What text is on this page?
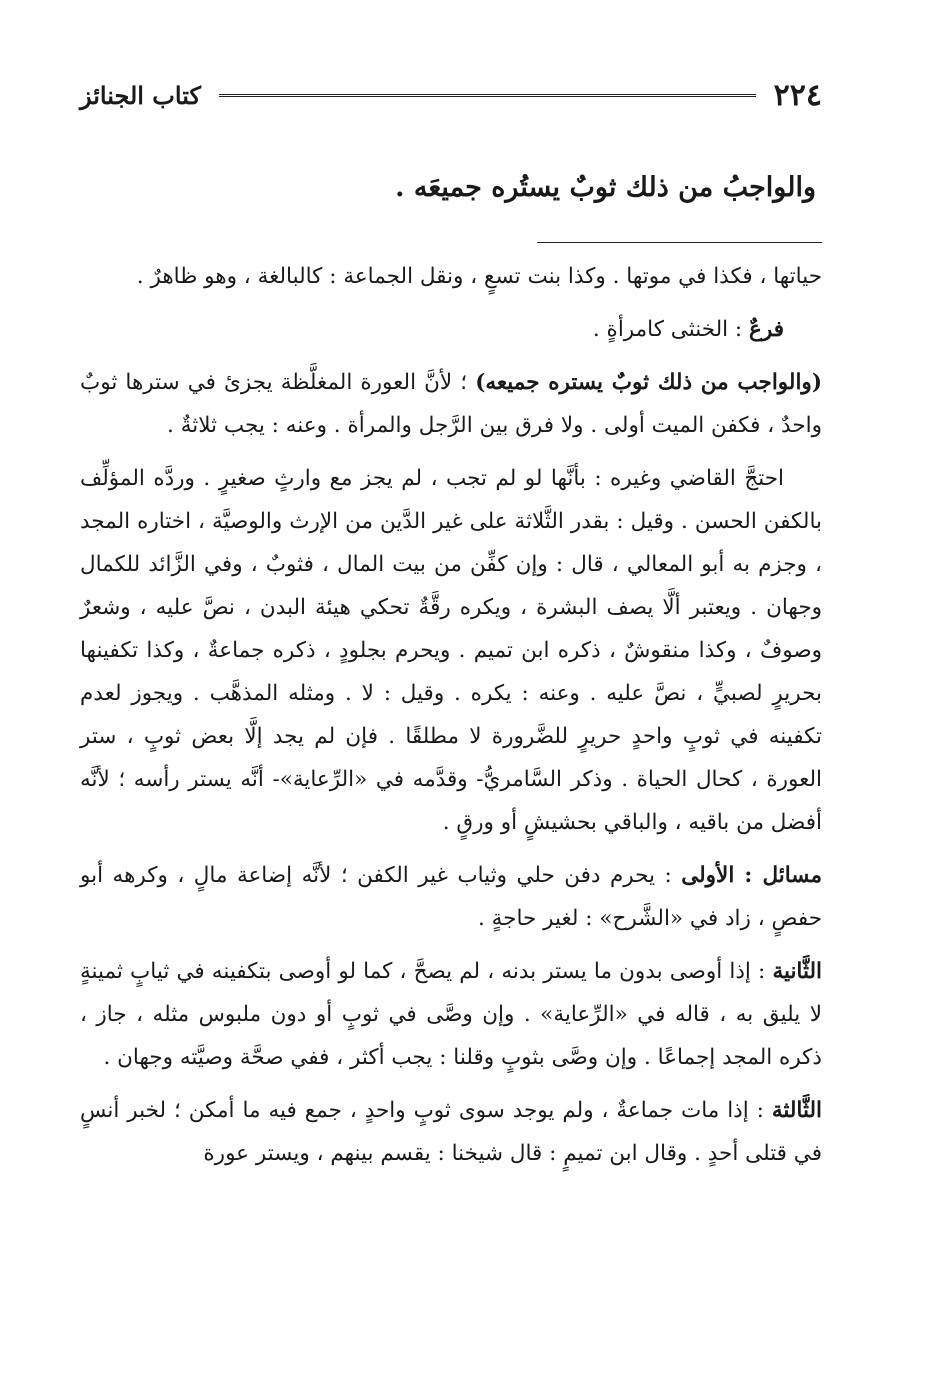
٢٢٤
كتاب الجنائز
والواجبُ من ذلك ثوبٌ يستُره جميعَه .

حياتها ، فكذا في موتها . وكذا بنت تسعٍ ، ونقل الجماعة : كالبالغة ، وهو ظاهرٌ .

فرعٌ : الخنثى كامرأةٍ .

(والواجب من ذلك ثوبٌ يستره جميعه) ؛ لأنَّ العورة المغلَّظة يجزئ في سترها ثوبٌ واحدٌ ، فكفن الميت أولى . ولا فرق بين الرَّجل والمرأة . وعنه : يجب ثلاثةٌ .

احتجَّ القاضي وغيره : بأنَّها لو لم تجب ، لم يجز مع وارثٍ صغيرٍ . وردَّه المؤلِّف بالكفن الحسن . وقيل : بقدر الثَّلاثة على غير الدَّين من الإرث والوصيَّة ، اختاره المجد ، وجزم به أبو المعالي ، قال : وإن كفِّن من بيت المال ، فثوبٌ ، وفي الزَّائد للكمال وجهان . ويعتبر ألَّا يصف البشرة ، ويكره رقَّةٌ تحكي هيئة البدن ، نصَّ عليه ، وشعرٌ وصوفٌ ، وكذا منقوشٌ ، ذكره ابن تميم . ويحرم بجلودٍ ، ذكره جماعةٌ ، وكذا تكفينها بحريرٍ لصبيٍّ ، نصَّ عليه . وعنه : يكره . وقيل : لا . ومثله المذهَّب . ويجوز لعدم تكفينه في ثوبٍ واحدٍ حريرٍ للضَّرورة لا مطلقًا . فإن لم يجد إلَّا بعض ثوبٍ ، ستر العورة ، كحال الحياة . وذكر السَّامريُّ- وقدَّمه في «الرِّعاية»- أنَّه يستر رأسه ؛ لأنَّه أفضل من باقيه ، والباقي بحشيشٍ أو ورقٍ .

مسائل : الأولى : يحرم دفن حلي وثياب غير الكفن ؛ لأنَّه إضاعة مالٍ ، وكرهه أبو حفصٍ ، زاد في «الشَّرح» : لغير حاجةٍ .

الثَّانية : إذا أوصى بدون ما يستر بدنه ، لم يصحَّ ، كما لو أوصى بتكفينه في ثيابٍ ثمينةٍ لا يليق به ، قاله في «الرِّعاية» . وإن وصَّى في ثوبٍ أو دون ملبوس مثله ، جاز ، ذكره المجد إجماعًا . وإن وصَّى بثوبٍ وقلنا : يجب أكثر ، ففي صحَّة وصيَّته وجهان .

الثَّالثة : إذا مات جماعةٌ ، ولم يوجد سوى ثوبٍ واحدٍ ، جمع فيه ما أمكن ؛ لخبر أنسٍ في قتلى أحدٍ . وقال ابن تميمٍ : قال شيخنا : يقسم بينهم ، ويستر عورة
